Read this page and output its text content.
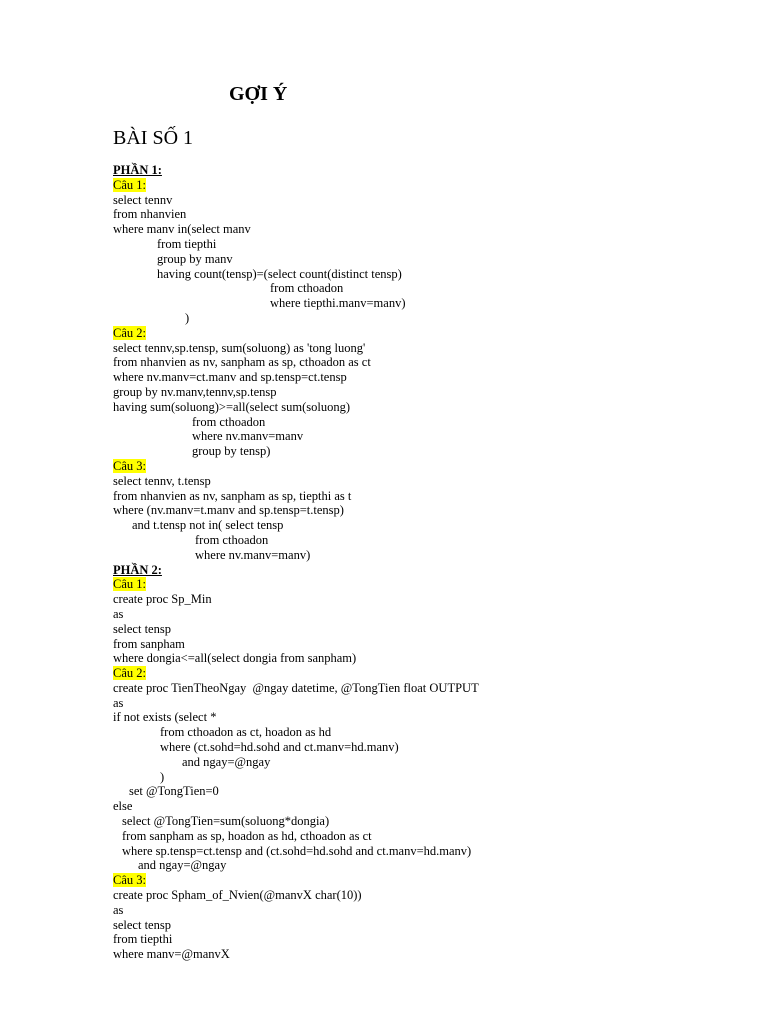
GỢI Ý
BÀI SỐ 1
PHẦN 1:
Câu 1:
select tennv
from nhanvien
where manv in(select manv
from tiepthi
group by manv
having count(tensp)=(select count(distinct tensp)
from cthoadon
where tiepthi.manv=manv)
)
Câu 2:
select tennv,sp.tensp, sum(soluong) as 'tong luong'
from nhanvien as nv, sanpham as sp, cthoadon as ct
where nv.manv=ct.manv and sp.tensp=ct.tensp
group by nv.manv,tennv,sp.tensp
having sum(soluong)>=all(select sum(soluong)
from cthoadon
where nv.manv=manv
group by tensp)
Câu 3:
select tennv, t.tensp
from nhanvien as nv, sanpham as sp, tiepthi as t
where (nv.manv=t.manv and sp.tensp=t.tensp)
and t.tensp not in( select tensp
from cthoadon
where nv.manv=manv)
PHẦN 2:
Câu 1:
create proc Sp_Min
as
select tensp
from sanpham
where dongia<=all(select dongia from sanpham)
Câu 2:
create proc TienTheoNgay  @ngay datetime, @TongTien float OUTPUT
as
if not exists (select *
from cthoadon as ct, hoadon as hd
where (ct.sohd=hd.sohd and ct.manv=hd.manv)
and ngay=@ngay
)
set @TongTien=0
else
select @TongTien=sum(soluong*dongia)
from sanpham as sp, hoadon as hd, cthoadon as ct
where sp.tensp=ct.tensp and (ct.sohd=hd.sohd and ct.manv=hd.manv)
and ngay=@ngay
Câu 3:
create proc Spham_of_Nvien(@manvX char(10))
as
select tensp
from tiepthi
where manv=@manvX
